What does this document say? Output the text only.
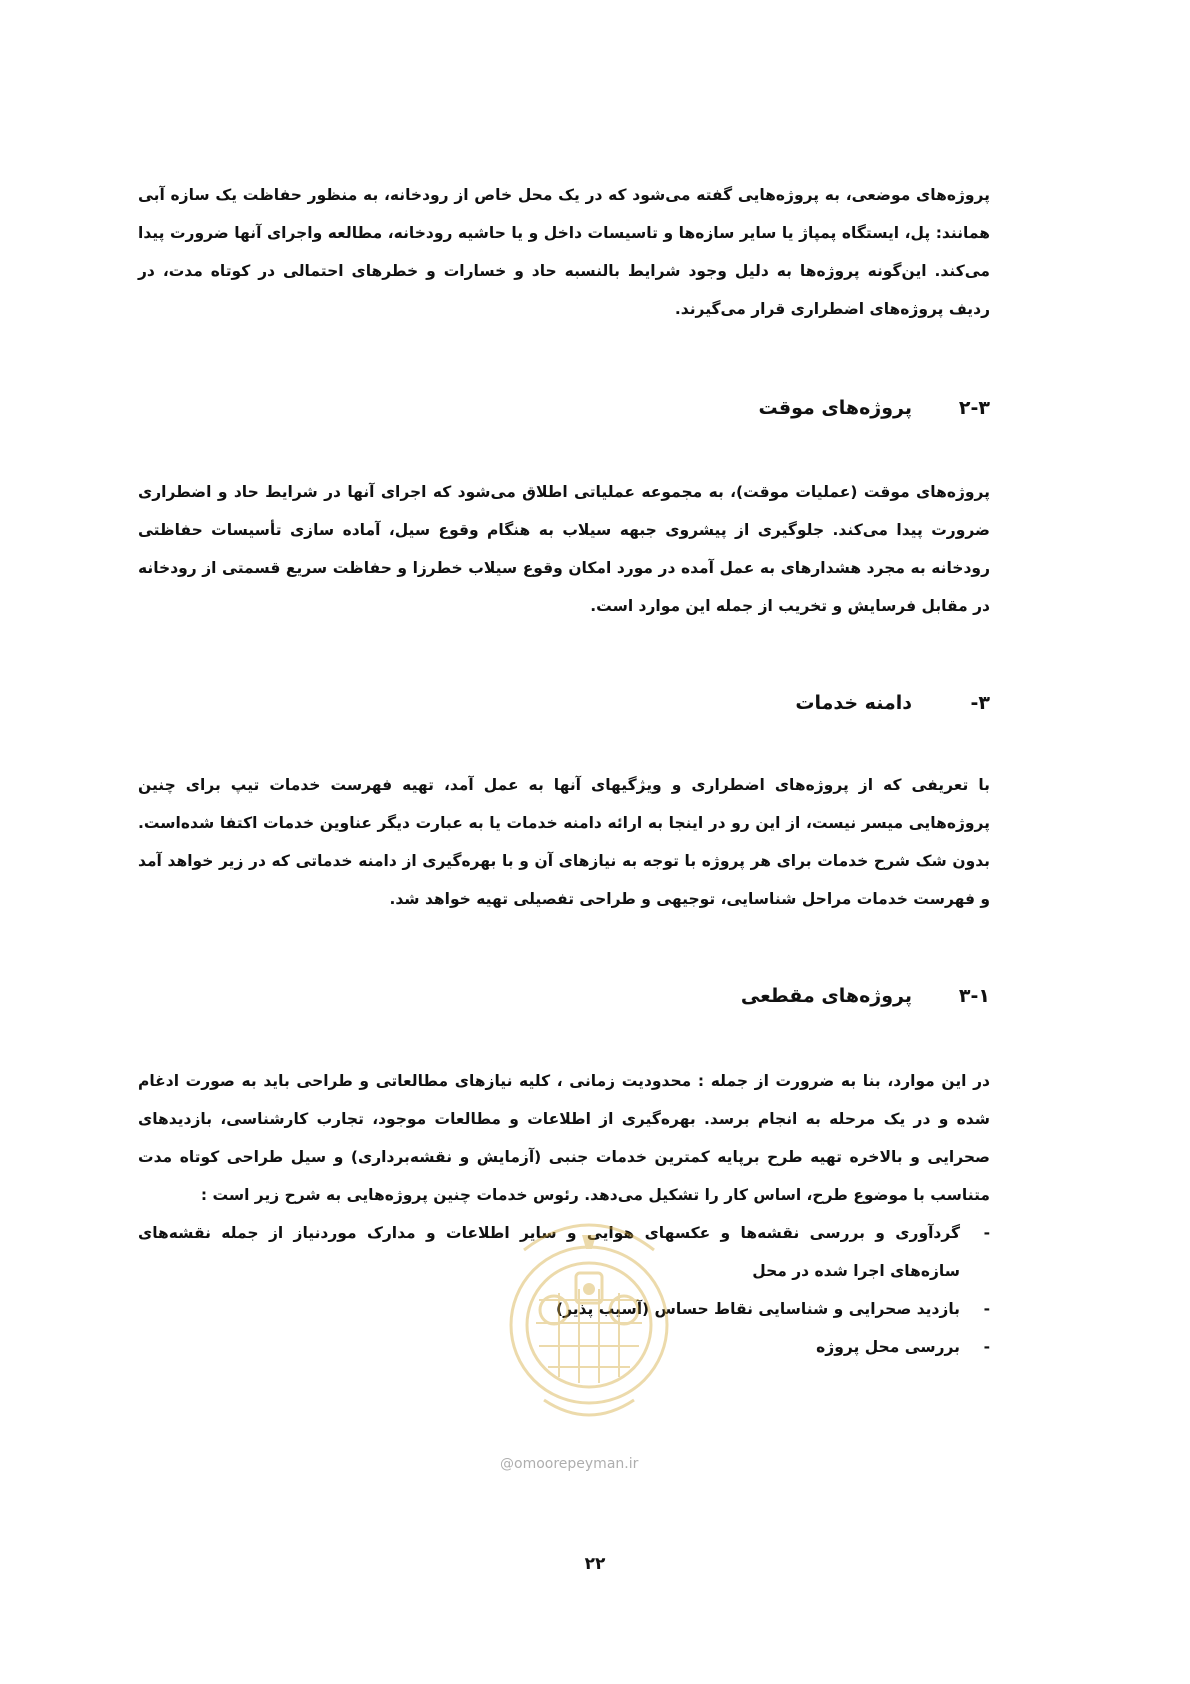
پروژه‌های موضعی، به پروژه‌هایی گفته می‌شود که در یک محل خاص از رودخانه، به منظور حفاظت یک سازه آبی همانند: پل، ایستگاه پمپاژ یا سایر سازه‌ها و تاسیسات داخل و یا حاشیه رودخانه، مطالعه واجرای آنها ضرورت پیدا می‌کند. این‌گونه پروژه‌ها به دلیل وجود شرایط بالنسبه حاد و خسارات و خطرهای احتمالی در کوتاه مدت، در ردیف پروژه‌های اضطراری قرار می‌گیرند.

۲-۳
پروژه‌های موقت

پروژه‌های موقت (عملیات موقت)، به مجموعه عملیاتی اطلاق می‌شود که اجرای آنها در شرایط حاد و اضطراری ضرورت پیدا می‌کند. جلوگیری از پیشروی جبهه سیلاب به هنگام وقوع سیل، آماده سازی تأسیسات حفاظتی رودخانه به مجرد هشدارهای به عمل آمده در مورد امکان وقوع سیلاب خطرزا و حفاظت سریع قسمتی از رودخانه در مقابل فرسایش و تخریب از جمله این موارد است.

۳-
دامنه خدمات

با تعریفی که از پروژه‌های اضطراری و ویژگیهای آنها به عمل آمد، تهیه فهرست خدمات تیپ برای چنین پروژه‌هایی میسر نیست، از این رو در اینجا به ارائه دامنه خدمات یا به عبارت دیگر عناوین خدمات اکتفا شده‌است. بدون شک شرح خدمات برای هر پروژه با توجه به نیازهای آن و با بهره‌گیری از دامنه خدماتی که در زیر خواهد آمد و فهرست خدمات مراحل شناسایی، توجیهی و طراحی تفصیلی تهیه خواهد شد.

۳-۱
پروژه‌های مقطعی

در این موارد، بنا به ضرورت از جمله : محدودیت زمانی ، کلیه نیازهای مطالعاتی و طراحی باید به صورت ادغام شده و در یک مرحله به انجام برسد. بهره‌گیری از اطلاعات و مطالعات موجود، تجارب کارشناسی، بازدیدهای صحرایی و بالاخره تهیه طرح برپایه کمترین خدمات جنبی (آزمایش و نقشه‌برداری) و سیل طراحی کوتاه مدت متناسب با موضوع طرح، اساس کار را تشکیل می‌دهد. رئوس خدمات چنین پروژه‌هایی به شرح زیر است :

-
گردآوری و بررسی نقشه‌ها و عکسهای هوایی و سایر اطلاعات و مدارک موردنیاز از جمله نقشه‌های سازه‌های اجرا شده در محل
-
بازدید صحرایی و شناسایی نقاط حساس (آسیب پذیر)
-
بررسی محل پروژه
@omoorepeyman.ir
۲۲
